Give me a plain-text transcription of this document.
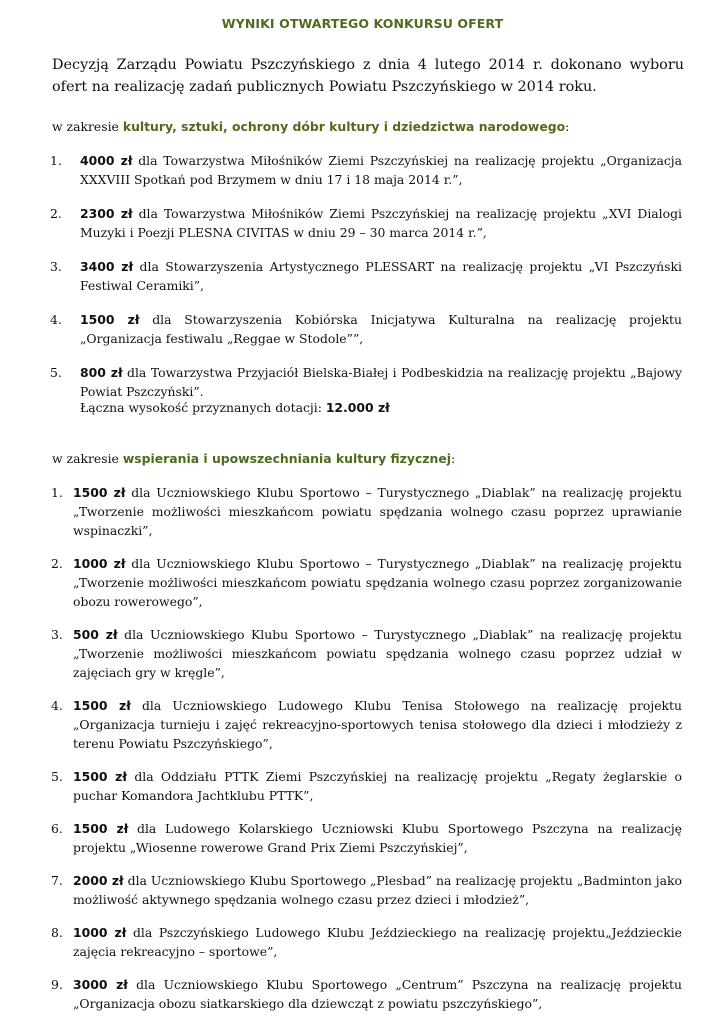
WYNIKI OTWARTEGO KONKURSU OFERT

Decyzją Zarządu Powiatu Pszczyńskiego z dnia 4 lutego 2014 r. dokonano wyboru ofert na realizację zadań publicznych Powiatu Pszczyńskiego w 2014 roku.

w zakresie kultury, sztuki, ochrony dóbr kultury i dziedzictwa narodowego:

1. 4000 zł dla Towarzystwa Miłośników Ziemi Pszczyńskiej na realizację projektu „Organizacja XXXVIII Spotkań pod Brzymem w dniu 17 i 18 maja 2014 r.”,
2. 2300 zł dla Towarzystwa Miłośników Ziemi Pszczyńskiej na realizację projektu „XVI Dialogi Muzyki i Poezji PLESNA CIVITAS w dniu 29 – 30 marca 2014 r.”,
3. 3400 zł dla Stowarzyszenia Artystycznego PLESSART na realizację projektu „VI Pszczyński Festiwal Ceramiki”,
4. 1500 zł dla Stowarzyszenia Kobiórska Inicjatywa Kulturalna na realizację projektu „Organizacja festiwalu „Reggae w Stodole””,
5. 800 zł dla Towarzystwa Przyjaciół Bielska-Białej i Podbeskidzia na realizację projektu „Bajowy Powiat Pszczyński”.

Łączna wysokość przyznanych dotacji: 12.000 zł

w zakresie wspierania i upowszechniania kultury fizycznej:

1. 1500 zł dla Uczniowskiego Klubu Sportowo – Turystycznego „Diablak” na realizację projektu „Tworzenie możliwości mieszkańcom powiatu spędzania wolnego czasu poprzez uprawianie wspinaczki”,
2. 1000 zł dla Uczniowskiego Klubu Sportowo – Turystycznego „Diablak” na realizację projektu „Tworzenie możliwości mieszkańcom powiatu spędzania wolnego czasu poprzez zorganizowanie obozu rowerowego”,
3. 500 zł dla Uczniowskiego Klubu Sportowo – Turystycznego „Diablak” na realizację projektu „Tworzenie możliwości mieszkańcom powiatu spędzania wolnego czasu poprzez udział w zajęciach gry w kręgle”,
4. 1500 zł dla Uczniowskiego Ludowego Klubu Tenisa Stołowego na realizację projektu „Organizacja turnieju i zajęć rekreacyjno-sportowych tenisa stołowego dla dzieci i młodzieży z terenu Powiatu Pszczyńskiego”,
5. 1500 zł dla Oddziału PTTK Ziemi Pszczyńskiej na realizację projektu „Regaty żeglarskie o puchar Komandora Jachtklubu PTTK”,
6. 1500 zł dla Ludowego Kolarskiego Uczniowski Klubu Sportowego Pszczyna na realizację projektu „Wiosenne rowerowe Grand Prix Ziemi Pszczyńskiej”,
7. 2000 zł dla Uczniowskiego Klubu Sportowego „Plesbad” na realizację projektu „Badminton jako możliwość aktywnego spędzania wolnego czasu przez dzieci i młodzież”,
8. 1000 zł dla Pszczyńskiego Ludowego Klubu Jeździeckiego na realizację projektu„Jeździeckie zajęcia rekreacyjno – sportowe”,
9. 3000 zł dla Uczniowskiego Klubu Sportowego „Centrum” Pszczyna na realizację projektu „Organizacja obozu siatkarskiego dla dziewcząt z powiatu pszczyńskiego”,
